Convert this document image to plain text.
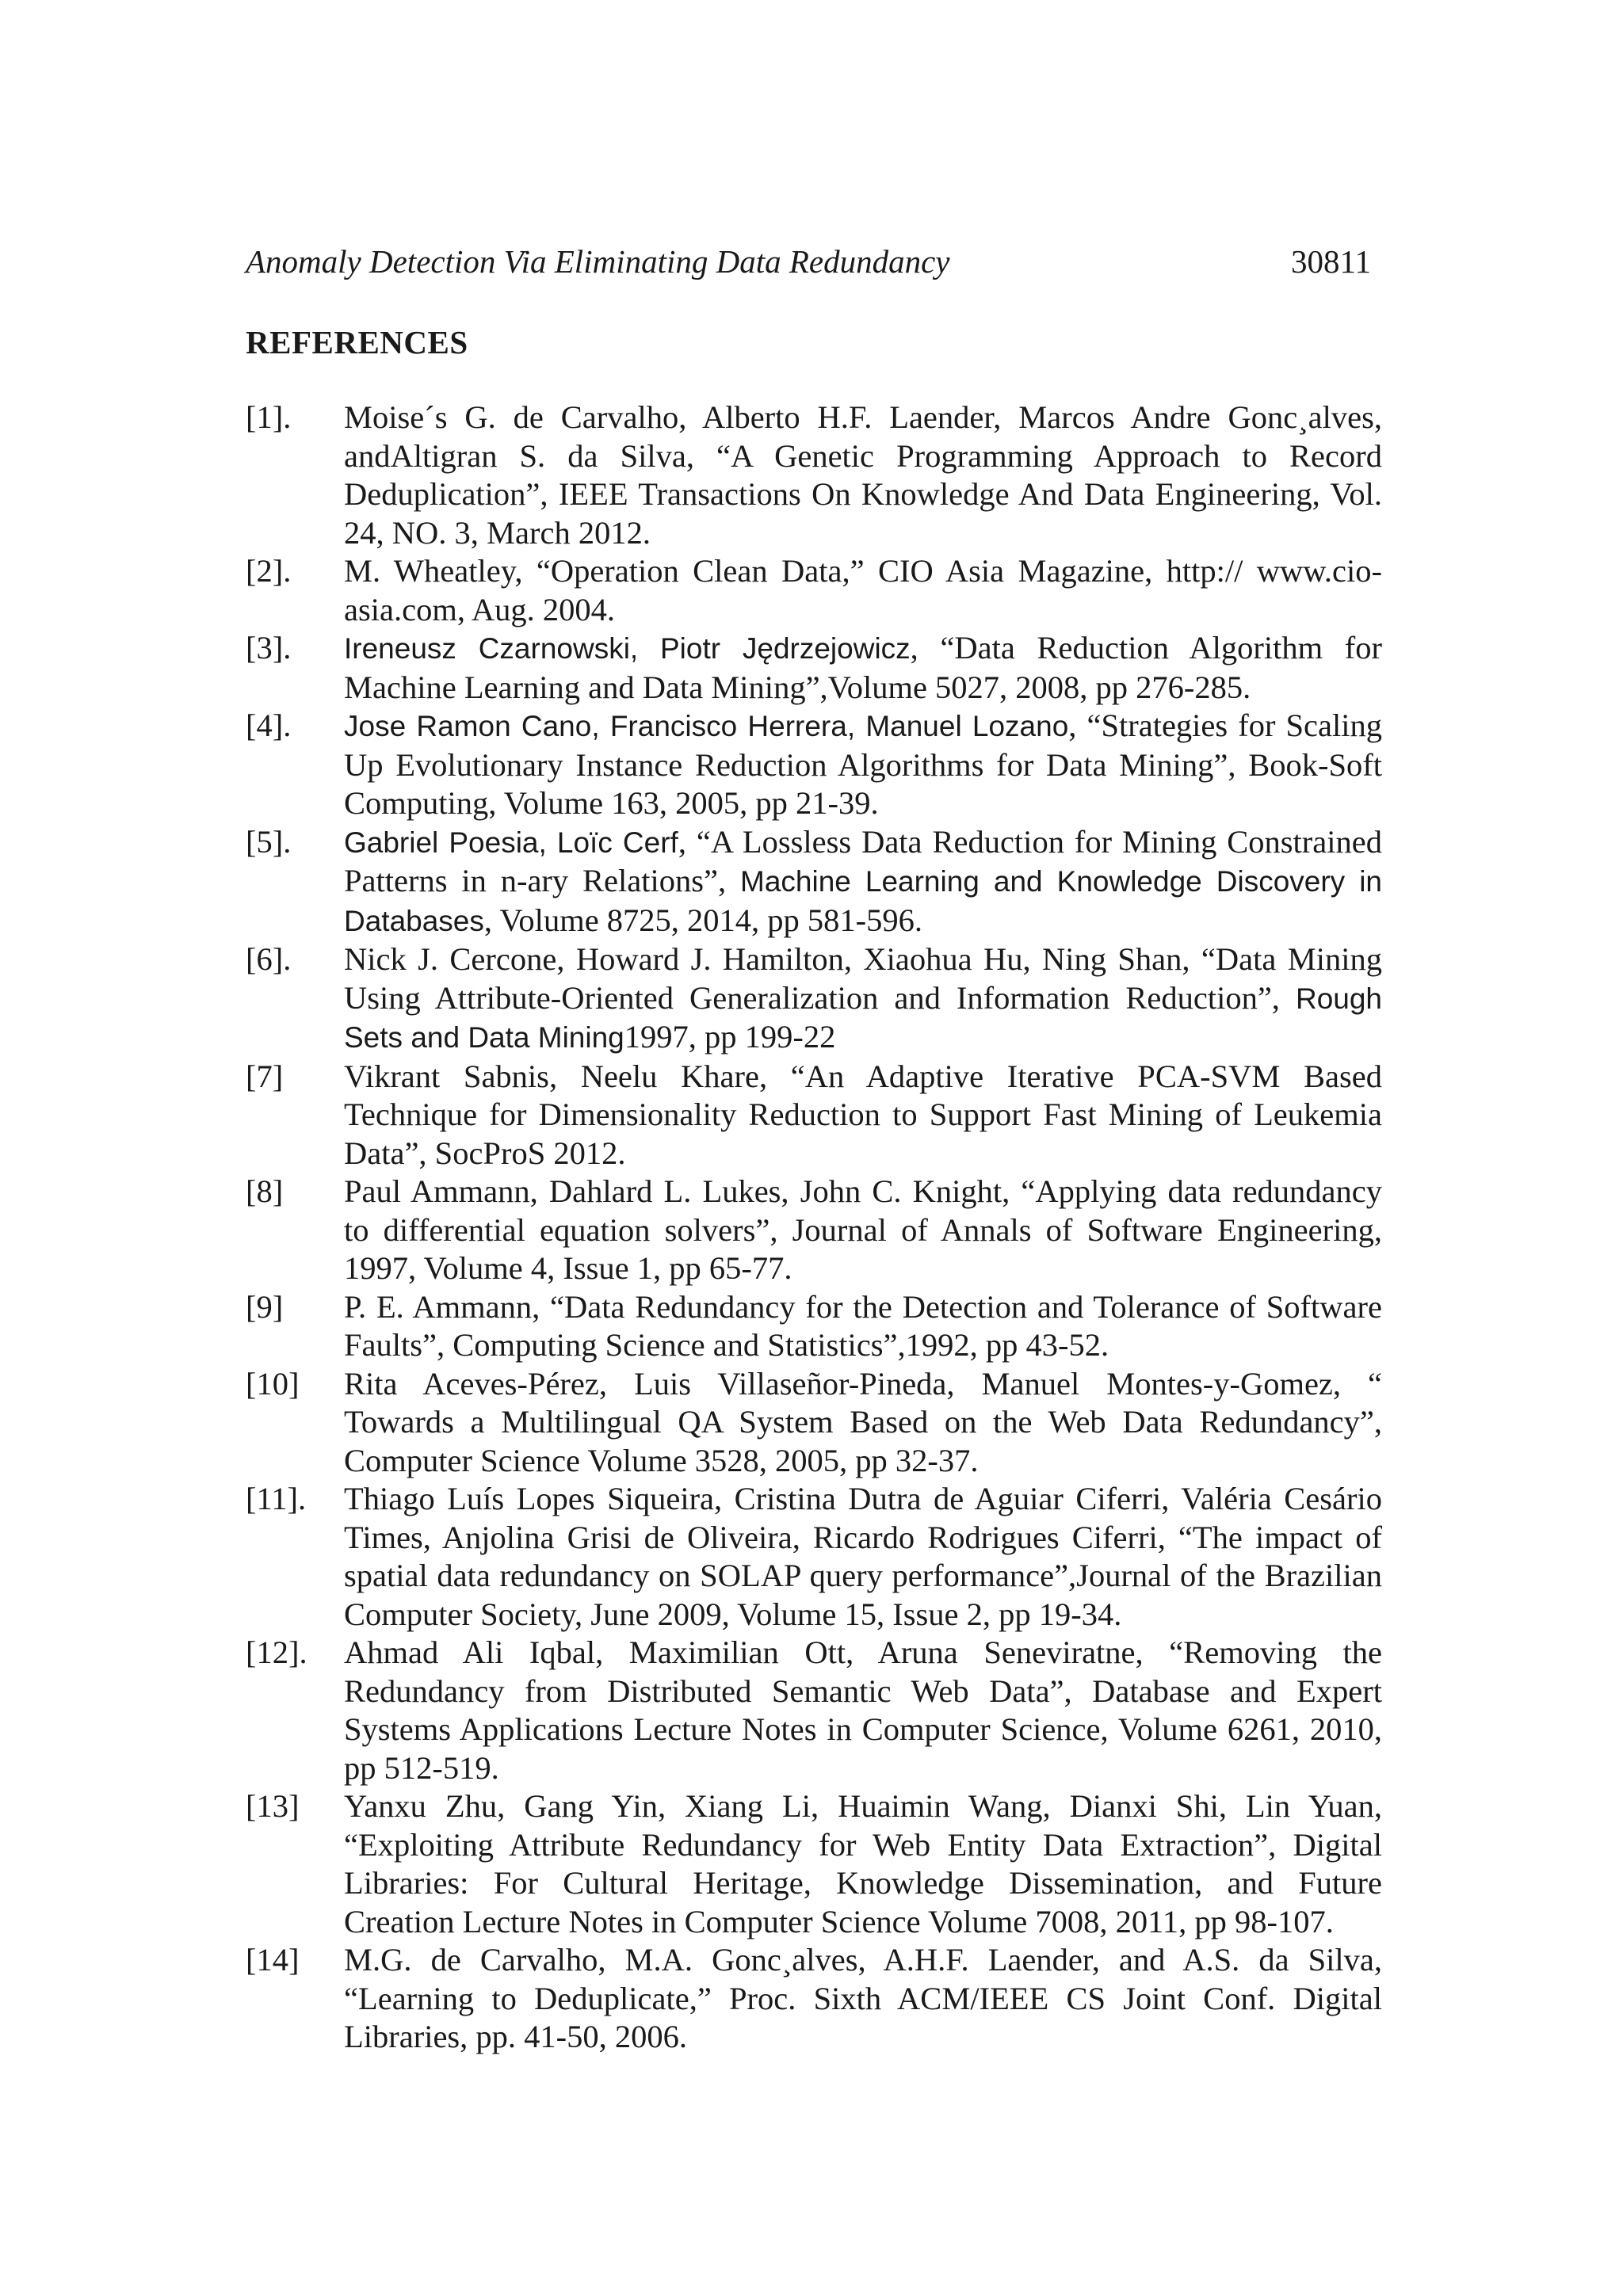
Anomaly Detection Via Eliminating Data Redundancy	30811
REFERENCES
[1].	Moise´s G. de Carvalho, Alberto H.F. Laender, Marcos Andre Gonc¸alves, andAltigran S. da Silva, “A Genetic Programming Approach to Record Deduplication”, IEEE Transactions On Knowledge And Data Engineering, Vol. 24, NO. 3, March 2012.
[2].	M. Wheatley, “Operation Clean Data,” CIO Asia Magazine, http:// www.cio-asia.com, Aug. 2004.
[3].	Ireneusz Czarnowski, Piotr Jędrzejowicz, “Data Reduction Algorithm for Machine Learning and Data Mining”,Volume 5027, 2008, pp 276-285.
[4].	Jose Ramon Cano, Francisco Herrera, Manuel Lozano, “Strategies for Scaling Up Evolutionary Instance Reduction Algorithms for Data Mining”, Book-Soft Computing, Volume 163, 2005, pp 21-39.
[5].	Gabriel Poesia, Loïc Cerf, “A Lossless Data Reduction for Mining Constrained Patterns in n-ary Relations”, Machine Learning and Knowledge Discovery in Databases, Volume 8725, 2014, pp 581-596.
[6].	Nick J. Cercone, Howard J. Hamilton, Xiaohua Hu, Ning Shan, “Data Mining Using Attribute-Oriented Generalization and Information Reduction”, Rough Sets and Data Mining1997, pp 199-22
[7]	Vikrant Sabnis, Neelu Khare, “An Adaptive Iterative PCA-SVM Based Technique for Dimensionality Reduction to Support Fast Mining of Leukemia Data”, SocProS 2012.
[8]	Paul Ammann, Dahlard L. Lukes, John C. Knight, “Applying data redundancy to differential equation solvers”, Journal of Annals of Software Engineering, 1997, Volume 4, Issue 1, pp 65-77.
[9]	P. E. Ammann, “Data Redundancy for the Detection and Tolerance of Software Faults”, Computing Science and Statistics”,1992, pp 43-52.
[10]	Rita Aceves-Pérez, Luis Villaseñor-Pineda, Manuel Montes-y-Gomez, “ Towards a Multilingual QA System Based on the Web Data Redundancy”, Computer Science Volume 3528, 2005, pp 32-37.
[11].	Thiago Luís Lopes Siqueira, Cristina Dutra de Aguiar Ciferri, Valéria Cesário Times, Anjolina Grisi de Oliveira, Ricardo Rodrigues Ciferri, “The impact of spatial data redundancy on SOLAP query performance”,Journal of the Brazilian Computer Society, June 2009, Volume 15, Issue 2, pp 19-34.
[12].	Ahmad Ali Iqbal, Maximilian Ott, Aruna Seneviratne, “Removing the Redundancy from Distributed Semantic Web Data”, Database and Expert Systems Applications Lecture Notes in Computer Science, Volume 6261, 2010, pp 512-519.
[13]	Yanxu Zhu, Gang Yin, Xiang Li, Huaimin Wang, Dianxi Shi, Lin Yuan, “Exploiting Attribute Redundancy for Web Entity Data Extraction”, Digital Libraries: For Cultural Heritage, Knowledge Dissemination, and Future Creation Lecture Notes in Computer Science Volume 7008, 2011, pp 98-107.
[14]	M.G. de Carvalho, M.A. Gonc¸alves, A.H.F. Laender, and A.S. da Silva, “Learning to Deduplicate,” Proc. Sixth ACM/IEEE CS Joint Conf. Digital Libraries, pp. 41-50, 2006.
